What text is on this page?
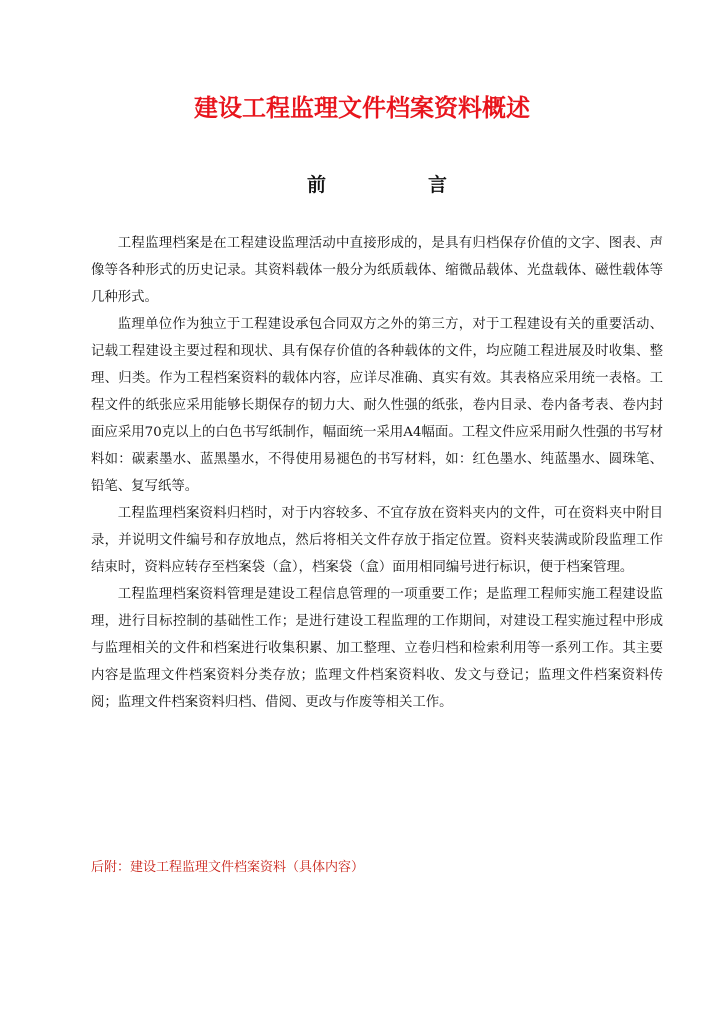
建设工程监理文件档案资料概述
前	言

工程监理档案是在工程建设监理活动中直接形成的，是具有归档保存价值的文字、图表、声像等各种形式的历史记录。其资料载体一般分为纸质载体、缩微品载体、光盘载体、磁性载体等几种形式。

监理单位作为独立于工程建设承包合同双方之外的第三方，对于工程建设有关的重要活动、记载工程建设主要过程和现状、具有保存价值的各种载体的文件，均应随工程进展及时收集、整理、归类。作为工程档案资料的载体内容，应详尽准确、真实有效。其表格应采用统一表格。工程文件的纸张应采用能够长期保存的韧力大、耐久性强的纸张，卷内目录、卷内备考表、卷内封面应采用70克以上的白色书写纸制作，幅面统一采用A4幅面。工程文件应采用耐久性强的书写材料如：碳素墨水、蓝黑墨水，不得使用易褪色的书写材料，如：红色墨水、纯蓝墨水、圆珠笔、铅笔、复写纸等。

工程监理档案资料归档时，对于内容较多、不宜存放在资料夹内的文件，可在资料夹中附目录，并说明文件编号和存放地点，然后将相关文件存放于指定位置。资料夹装满或阶段监理工作结束时，资料应转存至档案袋（盒），档案袋（盒）面用相同编号进行标识，便于档案管理。

工程监理档案资料管理是建设工程信息管理的一项重要工作；是监理工程师实施工程建设监理，进行目标控制的基础性工作；是进行建设工程监理的工作期间，对建设工程实施过程中形成与监理相关的文件和档案进行收集积累、加工整理、立卷归档和检索利用等一系列工作。其主要内容是监理文件档案资料分类存放；监理文件档案资料收、发文与登记；监理文件档案资料传阅；监理文件档案资料归档、借阅、更改与作废等相关工作。

后附：建设工程监理文件档案资料（具体内容）
